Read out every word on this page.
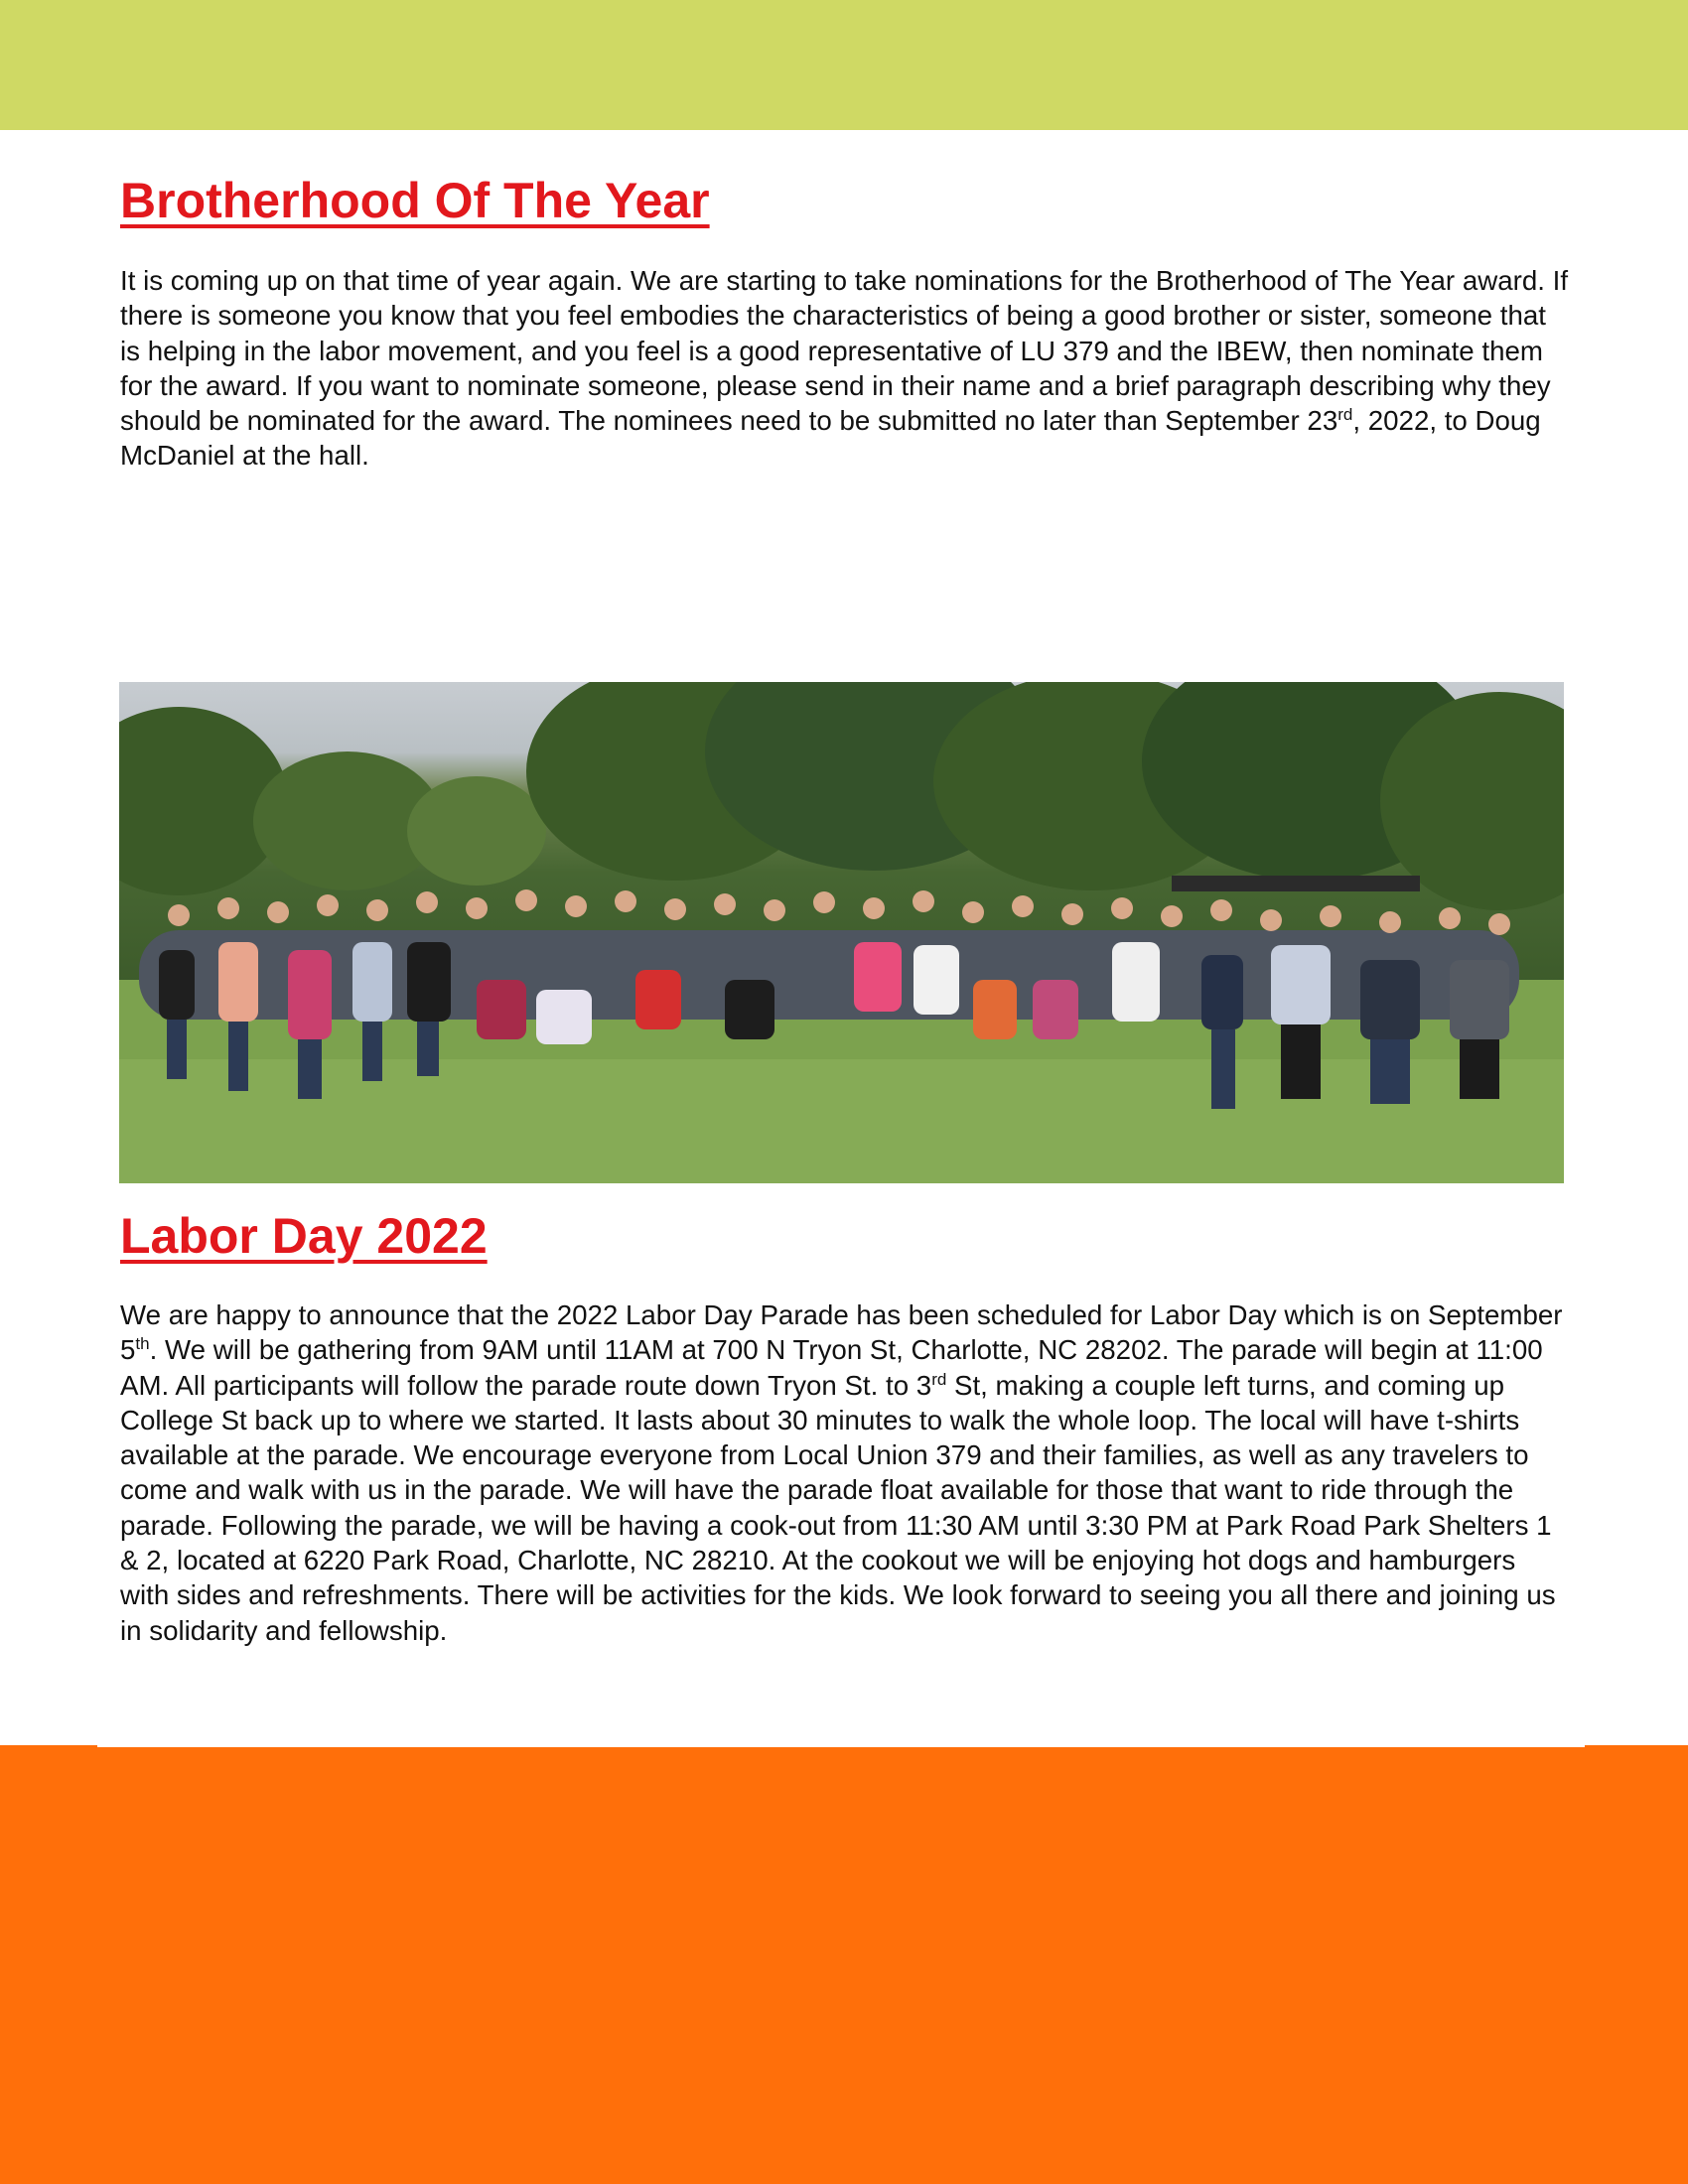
Brotherhood Of The Year

It is coming up on that time of year again. We are starting to take nominations for the Brotherhood of The Year award. If there is someone you know that you feel embodies the characteristics of being a good brother or sister, someone that is helping in the labor movement, and you feel is a good representative of LU 379 and the IBEW, then nominate them for the award. If you want to nominate someone, please send in their name and a brief paragraph describing why they should be nominated for the award. The nominees need to be submitted no later than September 23rd, 2022, to Doug McDaniel at the hall.

Labor Day 2022

We are happy to announce that the 2022 Labor Day Parade has been scheduled for Labor Day which is on September 5th. We will be gathering from 9AM until 11AM at 700 N Tryon St, Charlotte, NC 28202. The parade will begin at 11:00 AM. All participants will follow the parade route down Tryon St. to 3rd St, making a couple left turns, and coming up College St back up to where we started. It lasts about 30 minutes to walk the whole loop. The local will have t-shirts available at the parade. We encourage everyone from Local Union 379 and their families, as well as any travelers to come and walk with us in the parade. We will have the parade float available for those that want to ride through the parade. Following the parade, we will be having a cook-out from 11:30 AM until 3:30 PM at Park Road Park Shelters 1 & 2, located at 6220 Park Road, Charlotte, NC 28210. At the cookout we will be enjoying hot dogs and hamburgers with sides and refreshments. There will be activities for the kids. We look forward to seeing you all there and joining us in solidarity and fellowship.
